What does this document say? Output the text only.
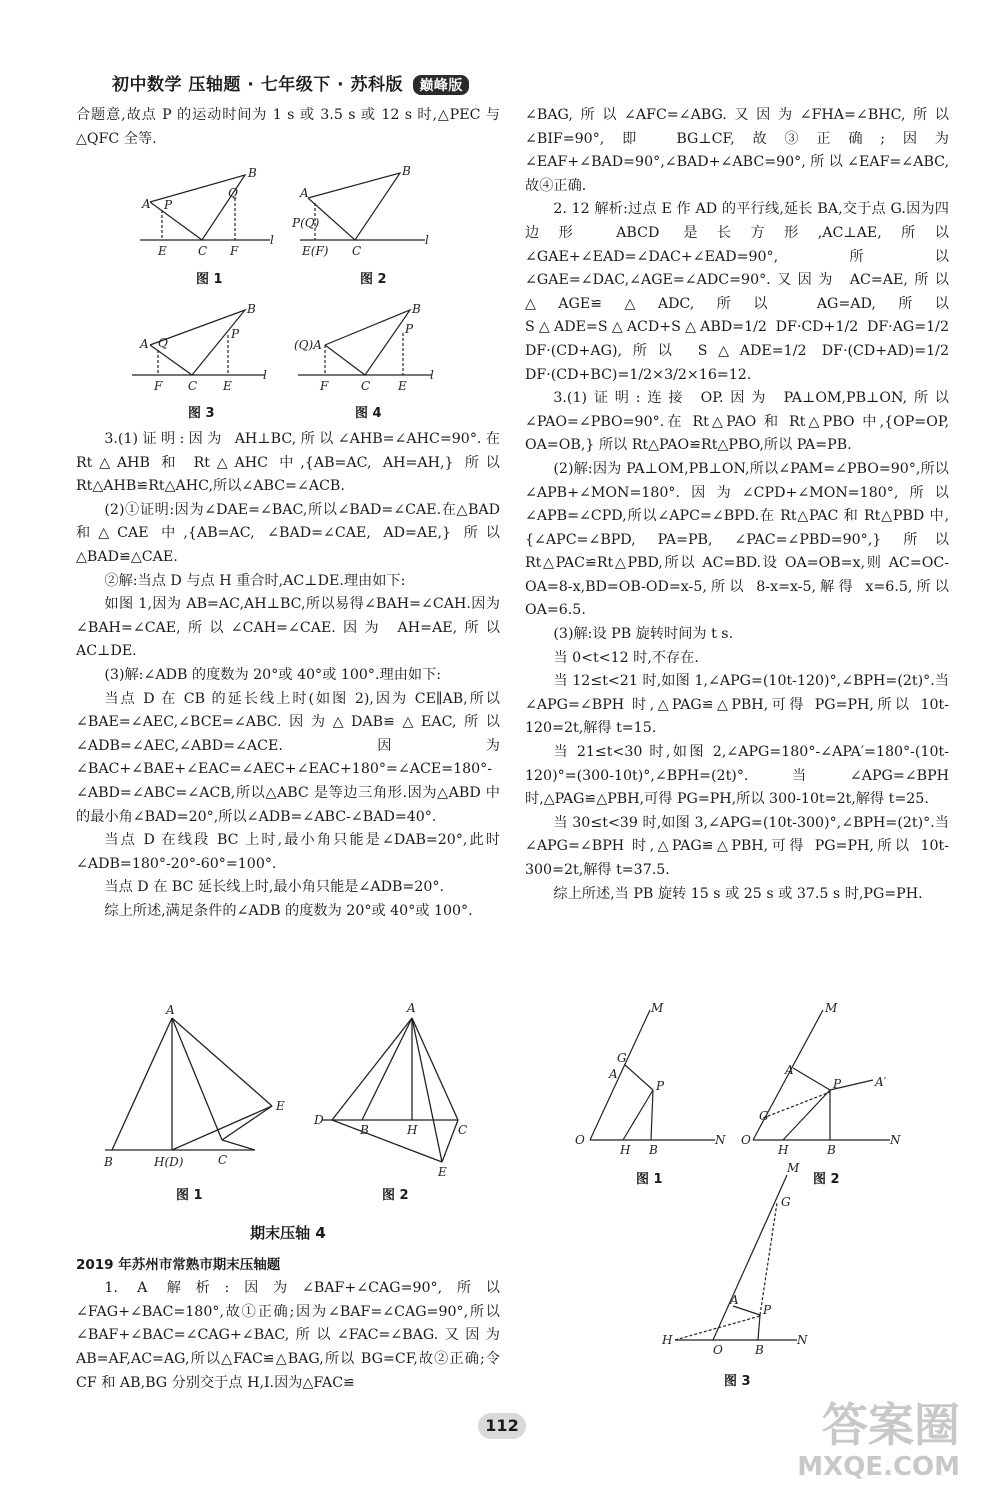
初中数学 压轴题 · 七年级下 · 苏科版 巅峰版

合题意,故点 P 的运动时间为 1 s 或 3.5 s 或 12 s 时,△PEC 与△QFC 全等.

A P
B
Q
E	C F
l
A
B
P(Q)
E(F) C
l
A Q
B
P
F C E
l
(Q)A
B
P
F	C E
l
图 1	图 2
图 3	图 4

3.(1)证明:因为 AH⊥BC,所以∠AHB=∠AHC=90°.在 Rt△AHB 和 Rt△AHC 中,{AB=AC, AH=AH,} 所以 Rt△AHB≌Rt△AHC,所以∠ABC=∠ACB.

(2)①证明:因为∠DAE=∠BAC,所以∠BAD=∠CAE.在△BAD 和△CAE 中,{AB=AC, ∠BAD=∠CAE, AD=AE,} 所以△BAD≌△CAE.

②解:当点 D 与点 H 重合时,AC⊥DE.理由如下:

如图 1,因为 AB=AC,AH⊥BC,所以易得∠BAH=∠CAH.因为∠BAH=∠CAE,所以∠CAH=∠CAE.因为 AH=AE,所以 AC⊥DE.

(3)解:∠ADB 的度数为 20°或 40°或 100°.理由如下:

当点 D 在 CB 的延长线上时(如图 2),因为 CE∥AB,所以∠BAE=∠AEC,∠BCE=∠ABC.因为△DAB≌△EAC,所以∠ADB=∠AEC,∠ABD=∠ACE.因为∠BAC+∠BAE+∠EAC=∠AEC+∠EAC+180°=∠ACE=180°-∠ABD=∠ABC=∠ACB,所以△ABC 是等边三角形.因为△ABD 中的最小角∠BAD=20°,所以∠ADB=∠ABC-∠BAD=40°.

当点 D 在线段 BC 上时,最小角只能是∠DAB=20°,此时∠ADB=180°-20°-60°=100°.

当点 D 在 BC 延长线上时,最小角只能是∠ADB=20°.

综上所述,满足条件的∠ADB 的度数为 20°或 40°或 100°.

A
B	H(D)	C
E
A
D
B	H	C
E
图 1	图 2

期末压轴 4

2019 年苏州市常熟市期末压轴题

1. A 解析:因为∠BAF+∠CAG=90°,所以∠FAG+∠BAC=180°,故①正确;因为∠BAF=∠CAG=90°,所以∠BAF+∠BAC=∠CAG+∠BAC,所以∠FAC=∠BAG.又因为 AB=AF,AC=AG,所以△FAC≌△BAG,所以 BG=CF,故②正确;令 CF 和 AB,BG 分别交于点 H,I.因为△FAC≌

∠BAG,所以∠AFC=∠ABG.又因为∠FHA=∠BHC,所以∠BIF=90°,即 BG⊥CF,故③正确;因为∠EAF+∠BAD=90°,∠BAD+∠ABC=90°,所以∠EAF=∠ABC,故④正确.

2. 12 解析:过点 E 作 AD 的平行线,延长 BA,交于点 G.因为四边形 ABCD 是长方形,AC⊥AE,所以∠GAE+∠EAD=∠DAC+∠EAD=90°,所以∠GAE=∠DAC,∠AGE=∠ADC=90°.又因为 AC=AE,所以△AGE≌△ADC,所以 AG=AD,所以 S△ADE=S△ACD+S△ABD=1/2 DF·CD+1/2 DF·AG=1/2 DF·(CD+AG),所以 S△ADE=1/2 DF·(CD+AD)=1/2 DF·(CD+BC)=1/2×3/2×16=12.

3.(1)证明:连接 OP.因为 PA⊥OM,PB⊥ON,所以∠PAO=∠PBO=90°.在 Rt△PAO 和 Rt△PBO 中,{OP=OP, OA=OB,} 所以 Rt△PAO≌Rt△PBO,所以 PA=PB.

(2)解:因为 PA⊥OM,PB⊥ON,所以∠PAM=∠PBO=90°,所以∠APB+∠MON=180°.因为∠CPD+∠MON=180°,所以∠APB=∠CPD,所以∠APC=∠BPD.在 Rt△PAC 和 Rt△PBD 中,{∠APC=∠BPD, PA=PB, ∠PAC=∠PBD=90°,} 所以 Rt△PAC≌Rt△PBD,所以 AC=BD.设 OA=OB=x,则 AC=OC-OA=8-x,BD=OB-OD=x-5,所以 8-x=x-5,解得 x=6.5,所以 OA=6.5.

(3)解:设 PB 旋转时间为 t s.

当 0<t<12 时,不存在.

当 12≤t<21 时,如图 1,∠APG=(10t-120)°,∠BPH=(2t)°.当∠APG=∠BPH 时,△PAG≌△PBH,可得 PG=PH,所以 10t-120=2t,解得 t=15.

当 21≤t<30 时,如图 2,∠APG=180°-∠APA′=180°-(10t-120)°=(300-10t)°,∠BPH=(2t)°.当∠APG=∠BPH 时,△PAG≌△PBH,可得 PG=PH,所以 300-10t=2t,解得 t=25.

当 30≤t<39 时,如图 3,∠APG=(10t-300)°,∠BPH=(2t)°.当∠APG=∠BPH 时,△PAG≌△PBH,可得 PG=PH,所以 10t-300=2t,解得 t=37.5.

综上所述,当 PB 旋转 15 s 或 25 s 或 37.5 s 时,PG=PH.

M
G
A
P
O
H B
N
M
A
P	A′
G
O
H	B
N
M
G
A
P
H
O	B
N
图 1	图 2
图 3
112	答案圈
MXQE.COM
